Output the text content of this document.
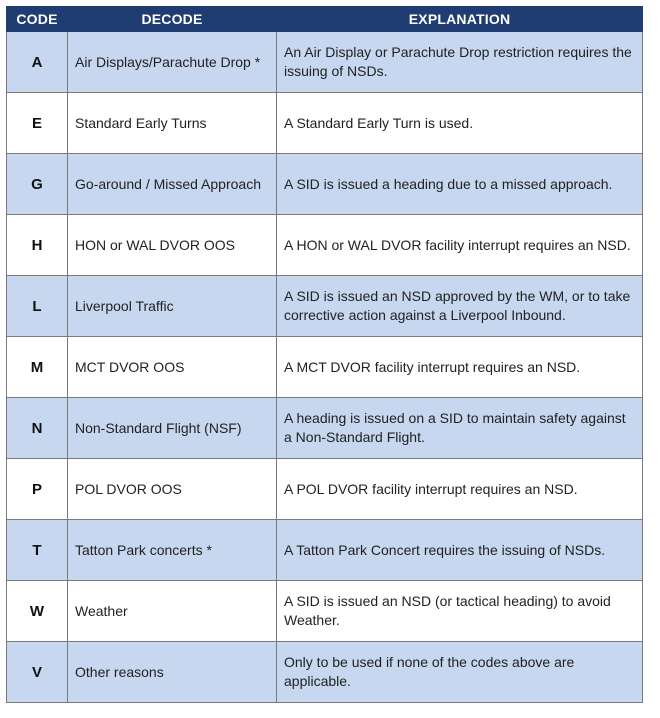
CODE	DECODE	EXPLANATION
A	Air Displays/Parachute Drop *	An Air Display or Parachute Drop restriction requires the issuing of NSDs.
E	Standard Early Turns	A Standard Early Turn is used.
G	Go-around / Missed Approach	A SID is issued a heading due to a missed approach.
H	HON or WAL DVOR OOS	A HON or WAL DVOR facility interrupt requires an NSD.
L	Liverpool Traffic	A SID is issued an NSD approved by the WM, or to take corrective action against a Liverpool Inbound.
M	MCT DVOR OOS	A MCT DVOR facility interrupt requires an NSD.
N	Non-Standard Flight (NSF)	A heading is issued on a SID to maintain safety against a Non-Standard Flight.
P	POL DVOR OOS	A POL DVOR facility interrupt requires an NSD.
T	Tatton Park concerts *	A Tatton Park Concert requires the issuing of NSDs.
W	Weather	A SID is issued an NSD (or tactical heading) to avoid Weather.
V	Other reasons	Only to be used if none of the codes above are applicable.
